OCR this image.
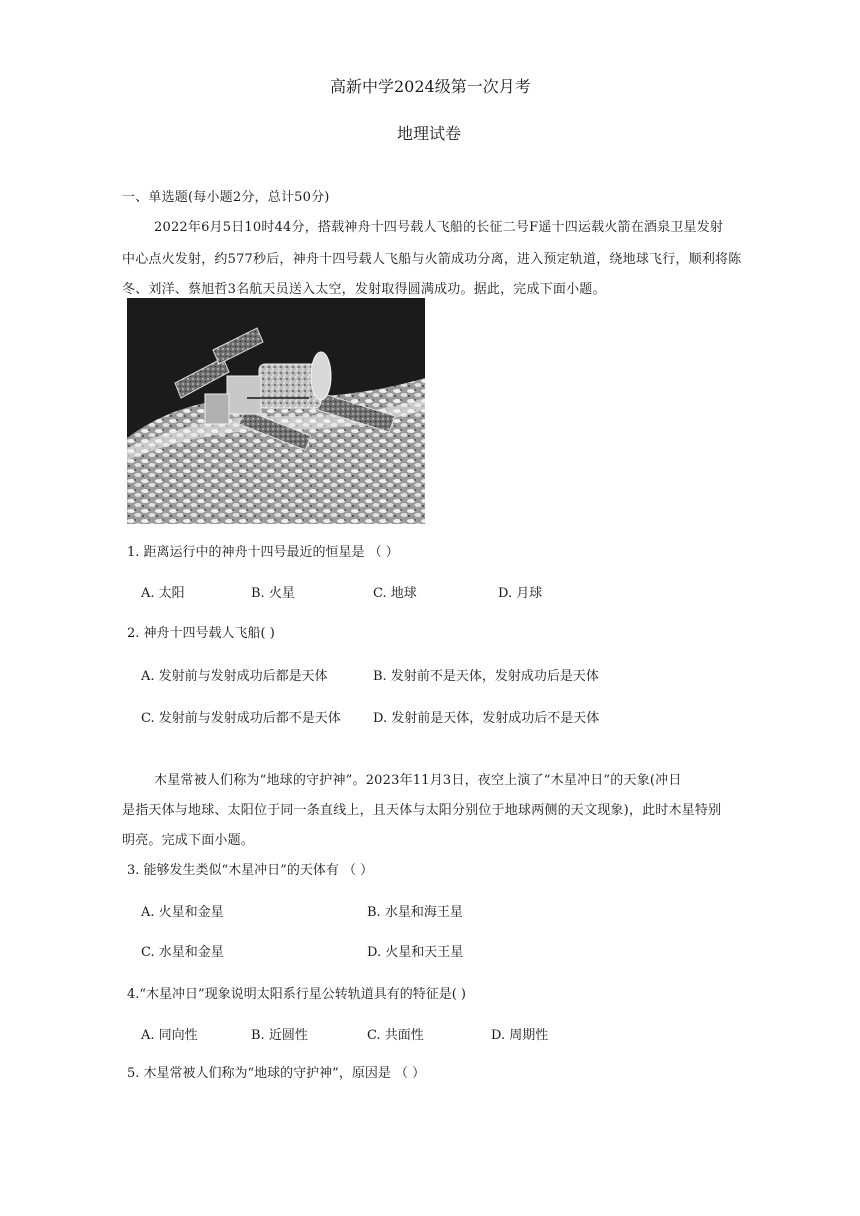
高新中学2024级第一次月考
地理试卷
一、单选题(每小题2分，总计50分)
2022年6月5日10时44分，搭载神舟十四号载人飞船的长征二号F遥十四运载火箭在酒泉卫星发射
中心点火发射，约577秒后，神舟十四号载人飞船与火箭成功分离，进入预定轨道，绕地球飞行，顺利将陈
冬、刘洋、蔡旭哲3名航天员送入太空，发射取得圆满成功。据此，完成下面小题。
1. 距离运行中的神舟十四号最近的恒星是 （ ）
A. 太阳	B. 火星	C. 地球	D. 月球
2. 神舟十四号载人飞船( )
A. 发射前与发射成功后都是天体	B. 发射前不是天体，发射成功后是天体
C. 发射前与发射成功后都不是天体 D. 发射前是天体，发射成功后不是天体
木星常被人们称为“地球的守护神”。2023年11月3日，夜空上演了“木星冲日”的天象(冲日
是指天体与地球、太阳位于同一条直线上，且天体与太阳分别位于地球两侧的天文现象)，此时木星特别
明亮。完成下面小题。
3. 能够发生类似“木星冲日”的天体有 （ ）
A. 火星和金星	B. 水星和海王星
C. 水星和金星	D. 火星和天王星
4.“木星冲日”现象说明太阳系行星公转轨道具有的特征是( )
A. 同向性	B. 近圆性	C. 共面性	D. 周期性
5. 木星常被人们称为“地球的守护神”，原因是 （ ）
